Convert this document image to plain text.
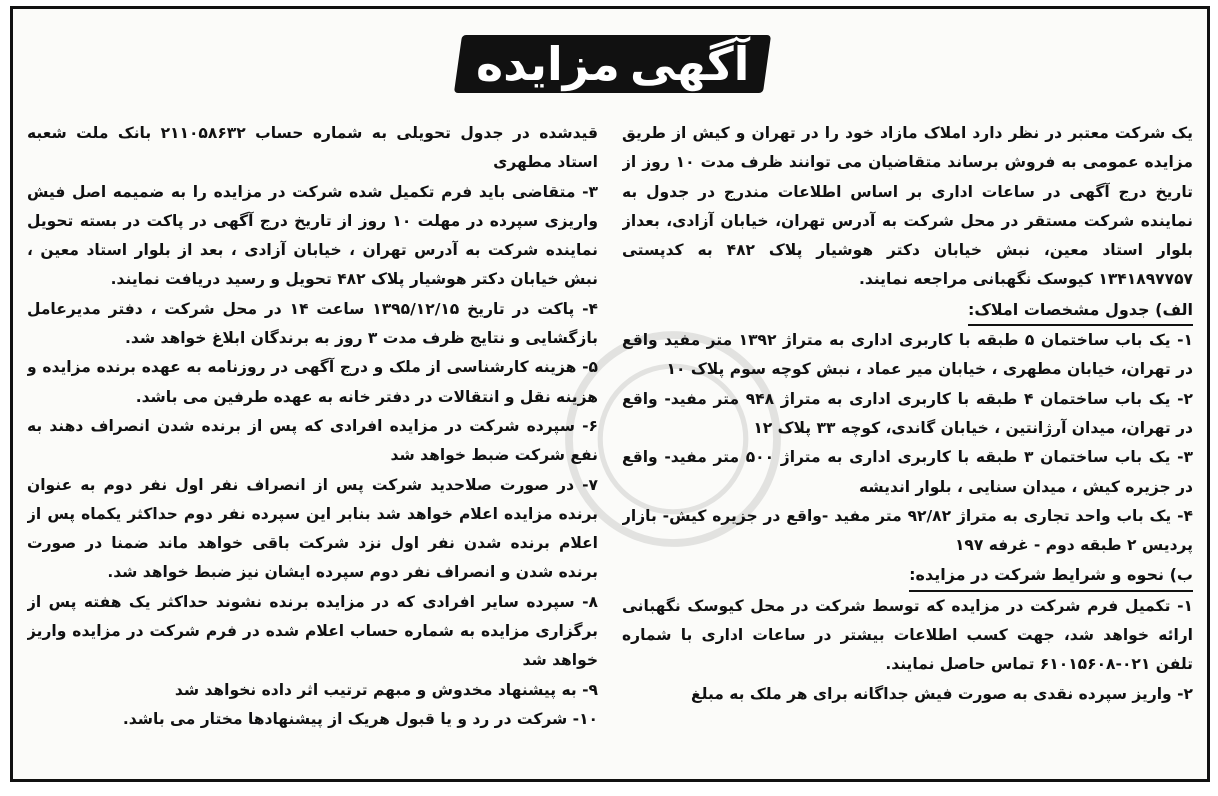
آگهی
مزایده

یک شرکت معتبر در نظر دارد املاک مازاد خود را در تهران و کیش از طریق مزایده عمومی به فروش برساند متقاضیان می توانند ظرف مدت ۱۰ روز از تاریخ درج آگهی در ساعات اداری بر اساس اطلاعات مندرج در جدول به نماینده شرکت مستقر در محل شرکت به آدرس تهران، خیابان آزادی، بعداز بلوار استاد معین، نبش خیابان دکتر هوشیار پلاک ۴۸۲ به کدپستی ۱۳۴۱۸۹۷۷۵۷ کیوسک نگهبانی مراجعه نمایند.

الف) جدول مشخصات املاک:

۱- یک باب ساختمان ۵ طبقه با کاربری اداری به متراژ ۱۳۹۲ متر مفید واقع در تهران، خیابان مطهری ، خیابان میر عماد ، نبش کوچه سوم پلاک ۱۰

۲- یک باب ساختمان ۴ طبقه با کاربری اداری به متراژ ۹۴۸ متر مفید- واقع در تهران، میدان آرژانتین ، خیابان گاندی، کوچه ۳۳ پلاک ۱۲

۳- یک باب ساختمان ۳ طبقه با کاربری اداری به متراژ ۵۰۰ متر مفید- واقع در جزیره کیش ، میدان سنایی ، بلوار اندیشه

۴- یک باب واحد تجاری به متراژ ۹۲/۸۲ متر مفید -واقع در جزیره کیش- بازار پردیس ۲ طبقه دوم - غرفه ۱۹۷

ب) نحوه و شرایط شرکت در مزایده:

۱- تکمیل فرم شرکت در مزایده که توسط شرکت در محل کیوسک نگهبانی ارائه خواهد شد، جهت کسب اطلاعات بیشتر در ساعات اداری با شماره تلفن ۰۲۱-۶۱۰۱۵۶۰۸ تماس حاصل نمایند.

۲- واریز سپرده نقدی به صورت فیش جداگانه برای هر ملک به مبلغ

قیدشده در جدول تحویلی به شماره حساب ۲۱۱۰۵۸۶۳۲ بانک ملت شعبه استاد مطهری

۳- متقاضی باید فرم تکمیل شده شرکت در مزایده را به ضمیمه اصل فیش واریزی سپرده در مهلت ۱۰ روز از تاریخ درج آگهی در پاکت در بسته تحویل نماینده شرکت به آدرس تهران ، خیابان آزادی ، بعد از بلوار استاد معین ، نبش خیابان دکتر هوشیار پلاک ۴۸۲ تحویل و رسید دریافت نمایند.

۴- پاکت در تاریخ ۱۳۹۵/۱۲/۱۵ ساعت ۱۴ در محل شرکت ، دفتر مدیرعامل بازگشایی و نتایج ظرف مدت ۳ روز به برندگان ابلاغ خواهد شد.

۵- هزینه کارشناسی از ملک و درج آگهی در روزنامه به عهده برنده مزایده و هزینه نقل و انتقالات در دفتر خانه به عهده طرفین می باشد.

۶- سپرده شرکت در مزایده افرادی که پس از برنده شدن انصراف دهند به نفع شرکت ضبط خواهد شد

۷- در صورت صلاحدید شرکت پس از انصراف نفر اول نفر دوم به عنوان برنده مزایده اعلام خواهد شد بنابر این سپرده نفر دوم حداکثر یکماه پس از اعلام برنده شدن نفر اول نزد شرکت باقی خواهد ماند ضمنا در صورت برنده شدن و انصراف نفر دوم سپرده ایشان نیز ضبط خواهد شد.

۸- سپرده سایر افرادی که در مزایده برنده نشوند حداکثر یک هفته پس از برگزاری مزایده به شماره حساب اعلام شده در فرم شرکت در مزایده واریز خواهد شد

۹- به پیشنهاد مخدوش و مبهم ترتیب اثر داده نخواهد شد

۱۰- شرکت در رد و یا قبول هریک از پیشنهادها مختار می باشد.
